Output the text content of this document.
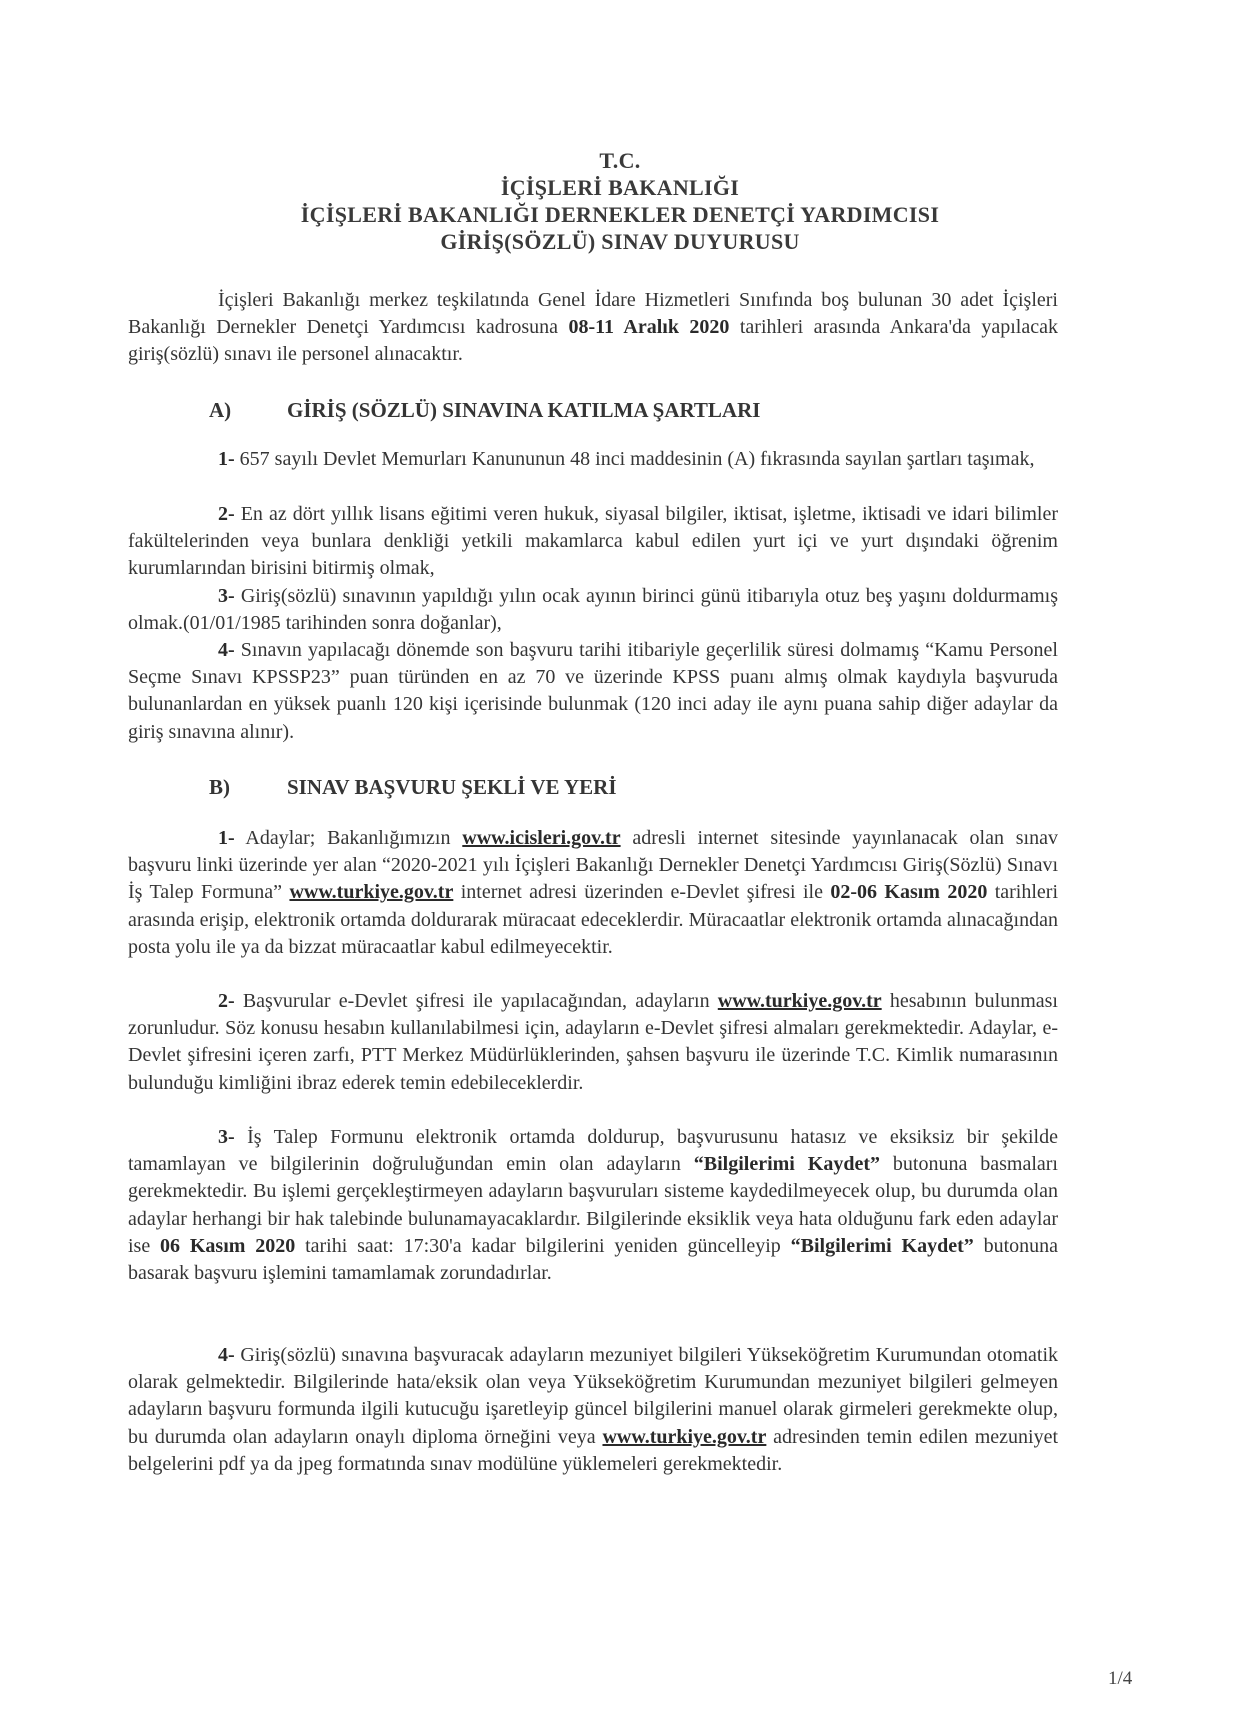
T.C.
İÇİŞLERİ BAKANLIĞI
İÇİŞLERİ BAKANLIĞI DERNEKLER DENETÇİ YARDIMCISI
GİRİŞ(SÖZLÜ) SINAV DUYURUSU
İçişleri Bakanlığı merkez teşkilatında Genel İdare Hizmetleri Sınıfında boş bulunan 30 adet İçişleri Bakanlığı Dernekler Denetçi Yardımcısı kadrosuna 08-11 Aralık 2020 tarihleri arasında Ankara'da yapılacak giriş(sözlü) sınavı ile personel alınacaktır.
A)	GİRİŞ (SÖZLÜ) SINAVINA KATILMA ŞARTLARI
1- 657 sayılı Devlet Memurları Kanununun 48 inci maddesinin (A) fıkrasında sayılan şartları taşımak,
2- En az dört yıllık lisans eğitimi veren hukuk, siyasal bilgiler, iktisat, işletme, iktisadi ve idari bilimler fakültelerinden veya bunlara denkliği yetkili makamlarca kabul edilen yurt içi ve yurt dışındaki öğrenim kurumlarından birisini bitirmiş olmak,
3- Giriş(sözlü) sınavının yapıldığı yılın ocak ayının birinci günü itibarıyla otuz beş yaşını doldurmamış olmak.(01/01/1985 tarihinden sonra doğanlar),
4- Sınavın yapılacağı dönemde son başvuru tarihi itibariyle geçerlilik süresi dolmamış “Kamu Personel Seçme Sınavı KPSSP23” puan türünden en az 70 ve üzerinde KPSS puanı almış olmak kaydıyla başvuruda bulunanlardan en yüksek puanlı 120 kişi içerisinde bulunmak (120 inci aday ile aynı puana sahip diğer adaylar da giriş sınavına alınır).
B)	SINAV BAŞVURU ŞEKLİ VE YERİ
1- Adaylar; Bakanlığımızın www.icisleri.gov.tr adresli internet sitesinde yayınlanacak olan sınav başvuru linki üzerinde yer alan “2020-2021 yılı İçişleri Bakanlığı Dernekler Denetçi Yardımcısı Giriş(Sözlü) Sınavı İş Talep Formuna” www.turkiye.gov.tr internet adresi üzerinden e-Devlet şifresi ile 02-06 Kasım 2020 tarihleri arasında erişip, elektronik ortamda doldurarak müracaat edeceklerdir. Müracaatlar elektronik ortamda alınacağından posta yolu ile ya da bizzat müracaatlar kabul edilmeyecektir.
2- Başvurular e-Devlet şifresi ile yapılacağından, adayların www.turkiye.gov.tr hesabının bulunması zorunludur. Söz konusu hesabın kullanılabilmesi için, adayların e-Devlet şifresi almaları gerekmektedir. Adaylar, e-Devlet şifresini içeren zarfı, PTT Merkez Müdürlüklerinden, şahsen başvuru ile üzerinde T.C. Kimlik numarasının bulunduğu kimliğini ibraz ederek temin edebileceklerdir.
3- İş Talep Formunu elektronik ortamda doldurup, başvurusunu hatasız ve eksiksiz bir şekilde tamamlayan ve bilgilerinin doğruluğundan emin olan adayların “Bilgilerimi Kaydet” butonuna basmaları gerekmektedir. Bu işlemi gerçekleştirmeyen adayların başvuruları sisteme kaydedilmeyecek olup, bu durumda olan adaylar herhangi bir hak talebinde bulunamayacaklardır. Bilgilerinde eksiklik veya hata olduğunu fark eden adaylar ise 06 Kasım 2020 tarihi saat: 17:30'a kadar bilgilerini yeniden güncelleyip “Bilgilerimi Kaydet” butonuna basarak başvuru işlemini tamamlamak zorundadırlar.
4- Giriş(sözlü) sınavına başvuracak adayların mezuniyet bilgileri Yükseköğretim Kurumundan otomatik olarak gelmektedir. Bilgilerinde hata/eksik olan veya Yükseköğretim Kurumundan mezuniyet bilgileri gelmeyen adayların başvuru formunda ilgili kutucuğu işaretleyip güncel bilgilerini manuel olarak girmeleri gerekmekte olup, bu durumda olan adayların onaylı diploma örneğini veya www.turkiye.gov.tr adresinden temin edilen mezuniyet belgelerini pdf ya da jpeg formatında sınav modülüne yüklemeleri gerekmektedir.
1/4
